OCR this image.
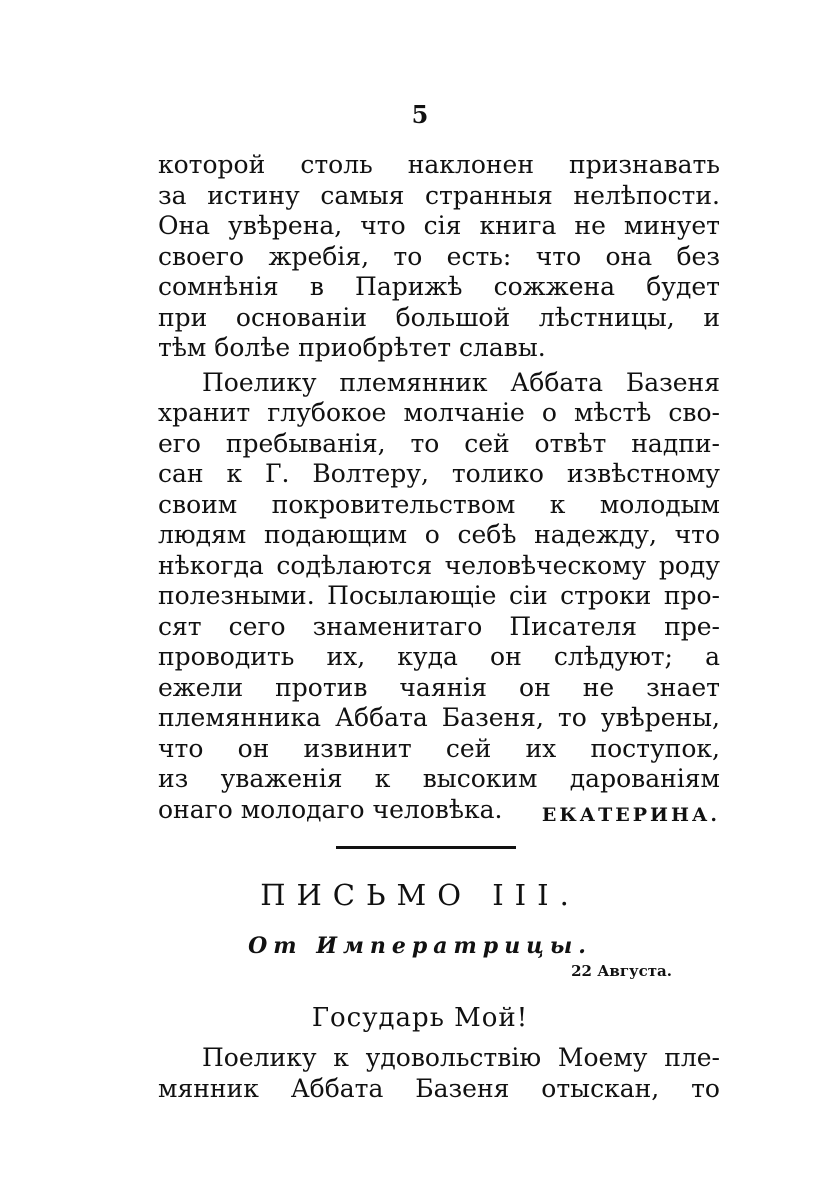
5
которой столь наклонен признавать
за истину самыя странныя нелѣпости.
Она увѣрена, что сія книга не минует
своего жребія, то есть: что она без
сомнѣнія в Парижѣ сожжена будет
при основаніи большой лѣстницы, и
тѣм болѣе приобрѣтет славы.
Поелику племянник Аббата Базеня
хранит глубокое молчаніе о мѣстѣ сво-
его пребыванія, то сей отвѣт надпи-
сан к Г. Волтеру, толико извѣстному
своим покровительством к молодым
людям подающим о себѣ надежду, что
нѣкогда содѣлаются человѣческому роду
полезными. Посылающіе сіи строки про-
сят сего знаменитаго Писателя пре-
проводить их, куда он слѣдуют; а
ежели против чаянія он не знает
племянника Аббата Базеня, то увѣрены,
что он извинит сей их поступок,
из уваженія к высоким дарованіям
онаго молодаго человѣка.	ЕКАТЕРИНА.
ПИСЬМО III.
От Императрицы.
22 Августа.
Государь Мой!
Поелику к удовольствію Моему пле-
мянник Аббата Базеня отыскан, то
